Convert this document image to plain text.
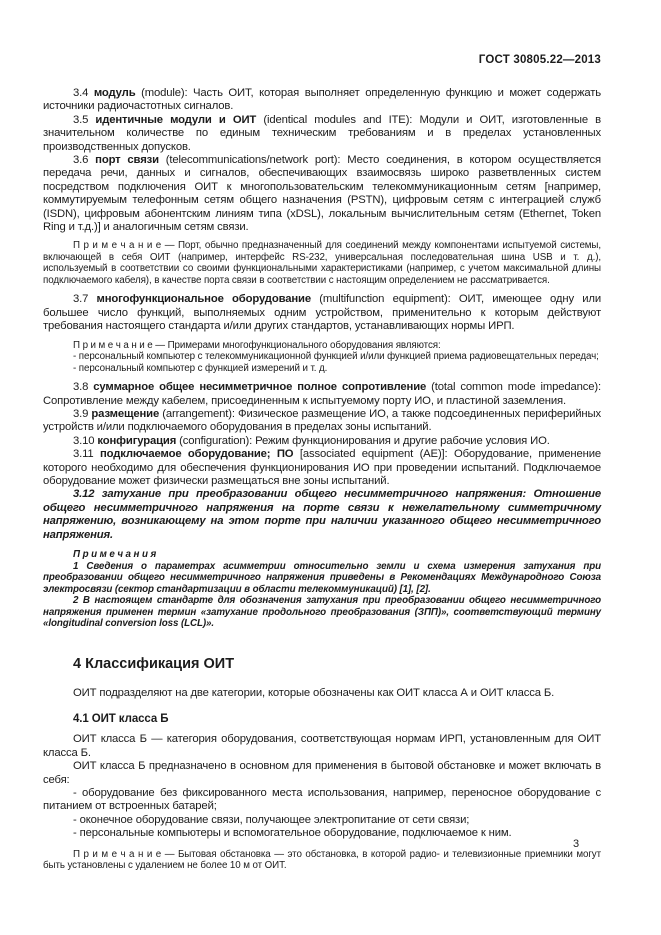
ГОСТ 30805.22—2013

3.4 модуль (module): Часть ОИТ, которая выполняет определенную функцию и может содержать источники радиочастотных сигналов.

3.5 идентичные модули и ОИТ (identical modules and ITE): Модули и ОИТ, изготовленные в значительном количестве по единым техническим требованиям и в пределах установленных производственных допусков.

3.6 порт связи (telecommunications/network port): Место соединения, в котором осуществляется передача речи, данных и сигналов, обеспечивающих взаимосвязь широко разветвленных систем посредством подключения ОИТ к многопользовательским телекоммуникационным сетям [например, коммутируемым телефонным сетям общего назначения (PSTN), цифровым сетям с интеграцией служб (ISDN), цифровым абонентским линиям типа (xDSL), локальным вычислительным сетям (Ethernet, Token Ring и т.д.)] и аналогичным сетям связи.

П р и м е ч а н и е — Порт, обычно предназначенный для соединений между компонентами испытуемой системы, включающей в себя ОИТ (например, интерфейс RS-232, универсальная последовательная шина USB и т. д.), используемый в соответствии со своими функциональными характеристиками (например, с учетом максимальной длины подключаемого кабеля), в качестве порта связи в соответствии с настоящим определением не рассматривается.

3.7 многофункциональное оборудование (multifunction equipment): ОИТ, имеющее одну или большее число функций, выполняемых одним устройством, применительно к которым действуют требования настоящего стандарта и/или других стандартов, устанавливающих нормы ИРП.

П р и м е ч а н и е — Примерами многофункционального оборудования являются:

- персональный компьютер с телекоммуникационной функцией и/или функцией приема радиовещательных передач;

- персональный компьютер с функцией измерений и т. д.

3.8 суммарное общее несимметричное полное сопротивление (total common mode impedance): Сопротивление между кабелем, присоединенным к испытуемому порту ИО, и пластиной заземления.

3.9 размещение (arrangement): Физическое размещение ИО, а также подсоединенных периферийных устройств и/или подключаемого оборудования в пределах зоны испытаний.

3.10 конфигурация (configuration): Режим функционирования и другие рабочие условия ИО.

3.11 подключаемое оборудование; ПО [associated equipment (AE)]: Оборудование, применение которого необходимо для обеспечения функционирования ИО при проведении испытаний. Подключаемое оборудование может физически размещаться вне зоны испытаний.

3.12 затухание при преобразовании общего несимметричного напряжения: Отношение общего несимметричного напряжения на порте связи к нежелательному симметричному напряжению, возникающему на этом порте при наличии указанного общего несимметричного напряжения.

П р и м е ч а н и я

1 Сведения о параметрах асимметрии относительно земли и схема измерения затухания при преобразовании общего несимметричного напряжения приведены в Рекомендациях Международного Союза электросвязи (сектор стандартизации в области телекоммуникаций) [1], [2].

2 В настоящем стандарте для обозначения затухания при преобразовании общего несимметричного напряжения применен термин «затухание продольного преобразования (ЗПП)», соответствующий термину «longitudinal conversion loss (LCL)».

4 Классификация ОИТ

ОИТ подразделяют на две категории, которые обозначены как ОИТ класса А и ОИТ класса Б.

4.1 ОИТ класса Б

ОИТ класса Б — категория оборудования, соответствующая нормам ИРП, установленным для ОИТ класса Б.

ОИТ класса Б предназначено в основном для применения в бытовой обстановке и может включать в себя:

- оборудование без фиксированного места использования, например, переносное оборудование с питанием от встроенных батарей;

- оконечное оборудование связи, получающее электропитание от сети связи;

- персональные компьютеры и вспомогательное оборудование, подключаемое к ним.

П р и м е ч а н и е — Бытовая обстановка — это обстановка, в которой радио- и телевизионные приемники могут быть установлены с удалением не более 10 м от ОИТ.

3
